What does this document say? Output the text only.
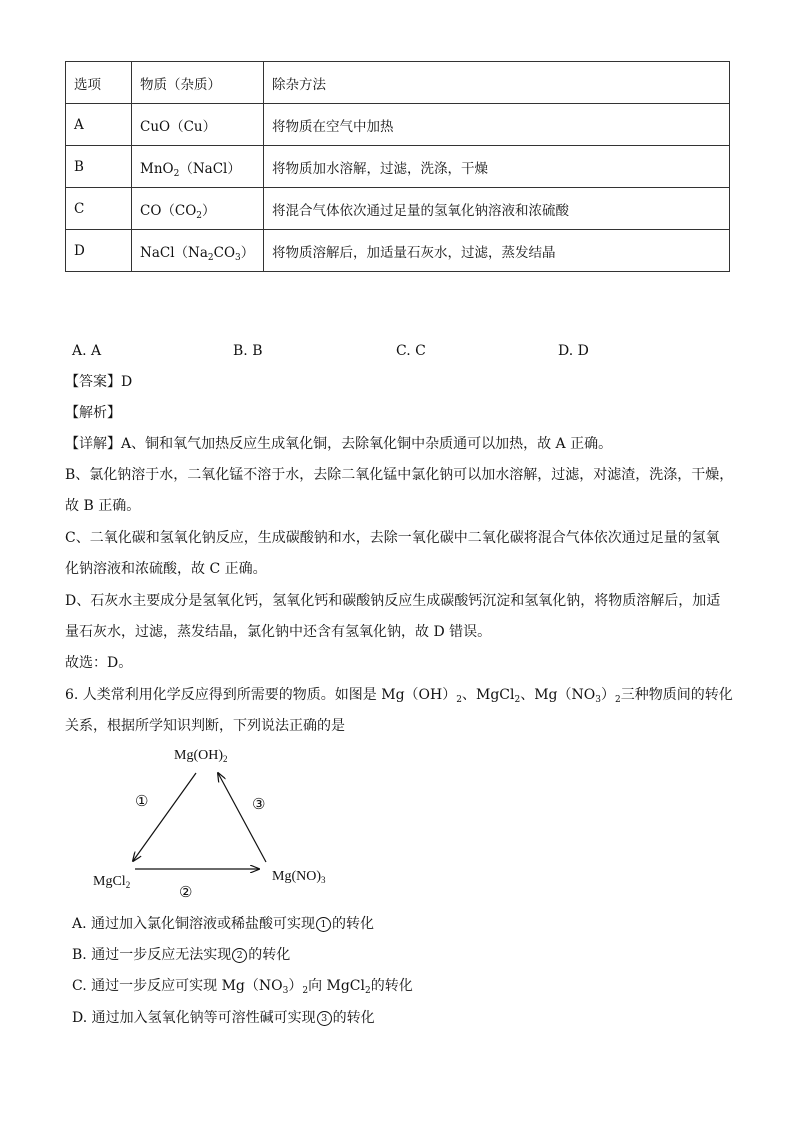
选项	物质（杂质）	除杂方法
A	CuO（Cu）	将物质在空气中加热
B	MnO$_2$（NaCl）	将物质加水溶解，过滤，洗涤，干燥
C	$CO(CO_2)$	将混合气体依次通过足量的氢氧化钠溶液和浓硫酸
D	$NaCl(Na_2CO_3)$	将物质溶解后，加适量石灰水，过滤，蒸发结晶
A. A	B. B	C. C	D. D
【答案】D
【解析】
【详解】A、铜和氧气加热反应生成氧化铜，去除氧化铜中杂质通可以加热，故 A 正确。
B、氯化钠溶于水，二氧化锰不溶于水，去除二氧化锰中氯化钠可以加水溶解，过滤，对滤渣，洗涤，干燥，
故 B 正确。
C、二氧化碳和氢氧化钠反应，生成碳酸钠和水，去除一氧化碳中二氧化碳将混合气体依次通过足量的氢氧
化钠溶液和浓硫酸，故 C 正确。
D、石灰水主要成分是氢氧化钙，氢氧化钙和碳酸钠反应生成碳酸钙沉淀和氢氧化钠，将物质溶解后，加适
量石灰水，过滤，蒸发结晶，氯化钠中还含有氢氧化钠，故 D 错误。
故选：D。
6. 人类常利用化学反应得到所需要的物质。如图是 $Mg(OH)_2$、MgCl$_2$、$Mg(NO_3)_2$三种物质间的转化
关系，根据所学知识判断，下列说法正确的是
$Mg(OH)_2$
MgCl$_2$
$Mg(NO)_3$
①
②
③
A. 通过加入氯化铜溶液或稀盐酸可实现 1 的转化
B. 通过一步反应无法实现 2 的转化
C. 通过一步反应可实现 $Mg(NO_3)_2$向 MgCl$_2$的转化
D. 通过加入氢氧化钠等可溶性碱可实现 3 的转化
